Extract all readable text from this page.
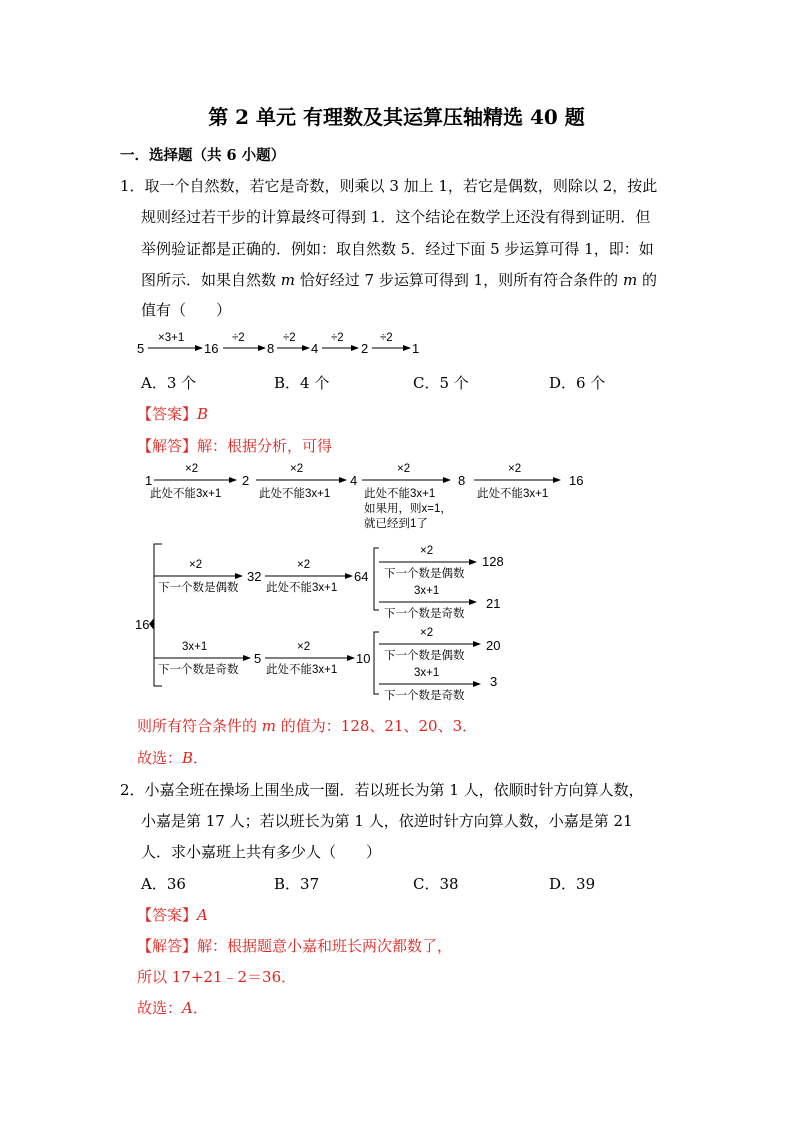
第 2 单元 有理数及其运算压轴精选 40 题
一．选择题（共 6 小题）
1．取一个自然数，若它是奇数，则乘以 3 加上 1，若它是偶数，则除以 2，按此
规则经过若干步的计算最终可得到 1．这个结论在数学上还没有得到证明．但
举例验证都是正确的．例如：取自然数 5．经过下面 5 步运算可得 1，即：如
图所示．如果自然数 m 恰好经过 7 步运算可得到 1，则所有符合条件的 m 的
值有（　　）
5
×3+1
16
÷2
8
÷2
4
÷2
2
÷2
1
A．3 个	B．4 个	C．5 个	D．6 个
【答案】B
【解答】解：根据分析，可得
1
×2
此处不能3x+1
2
×2
此处不能3x+1
4
×2
此处不能3x+1
如果用，则x=1，
就已经到1了
8
×2
此处不能3x+1
16
16
×2
下一个数是偶数
32
×2
此处不能3x+1
64
×2
下一个数是偶数
128
3x+1
下一个数是奇数
21
3x+1
下一个数是奇数
5
×2
此处不能3x+1
10
×2
下一个数是偶数
20
3x+1
下一个数是奇数
3
则所有符合条件的 m 的值为：128、21、20、3．
故选：B．
2．小嘉全班在操场上围坐成一圈．若以班长为第 1 人，依顺时针方向算人数，
小嘉是第 17 人；若以班长为第 1 人，依逆时针方向算人数，小嘉是第 21
人．求小嘉班上共有多少人（　　）
A．36	B．37	C．38	D．39
【答案】A
【解答】解：根据题意小嘉和班长两次都数了，
所以 17+21﹣2＝36．
故选：A．
